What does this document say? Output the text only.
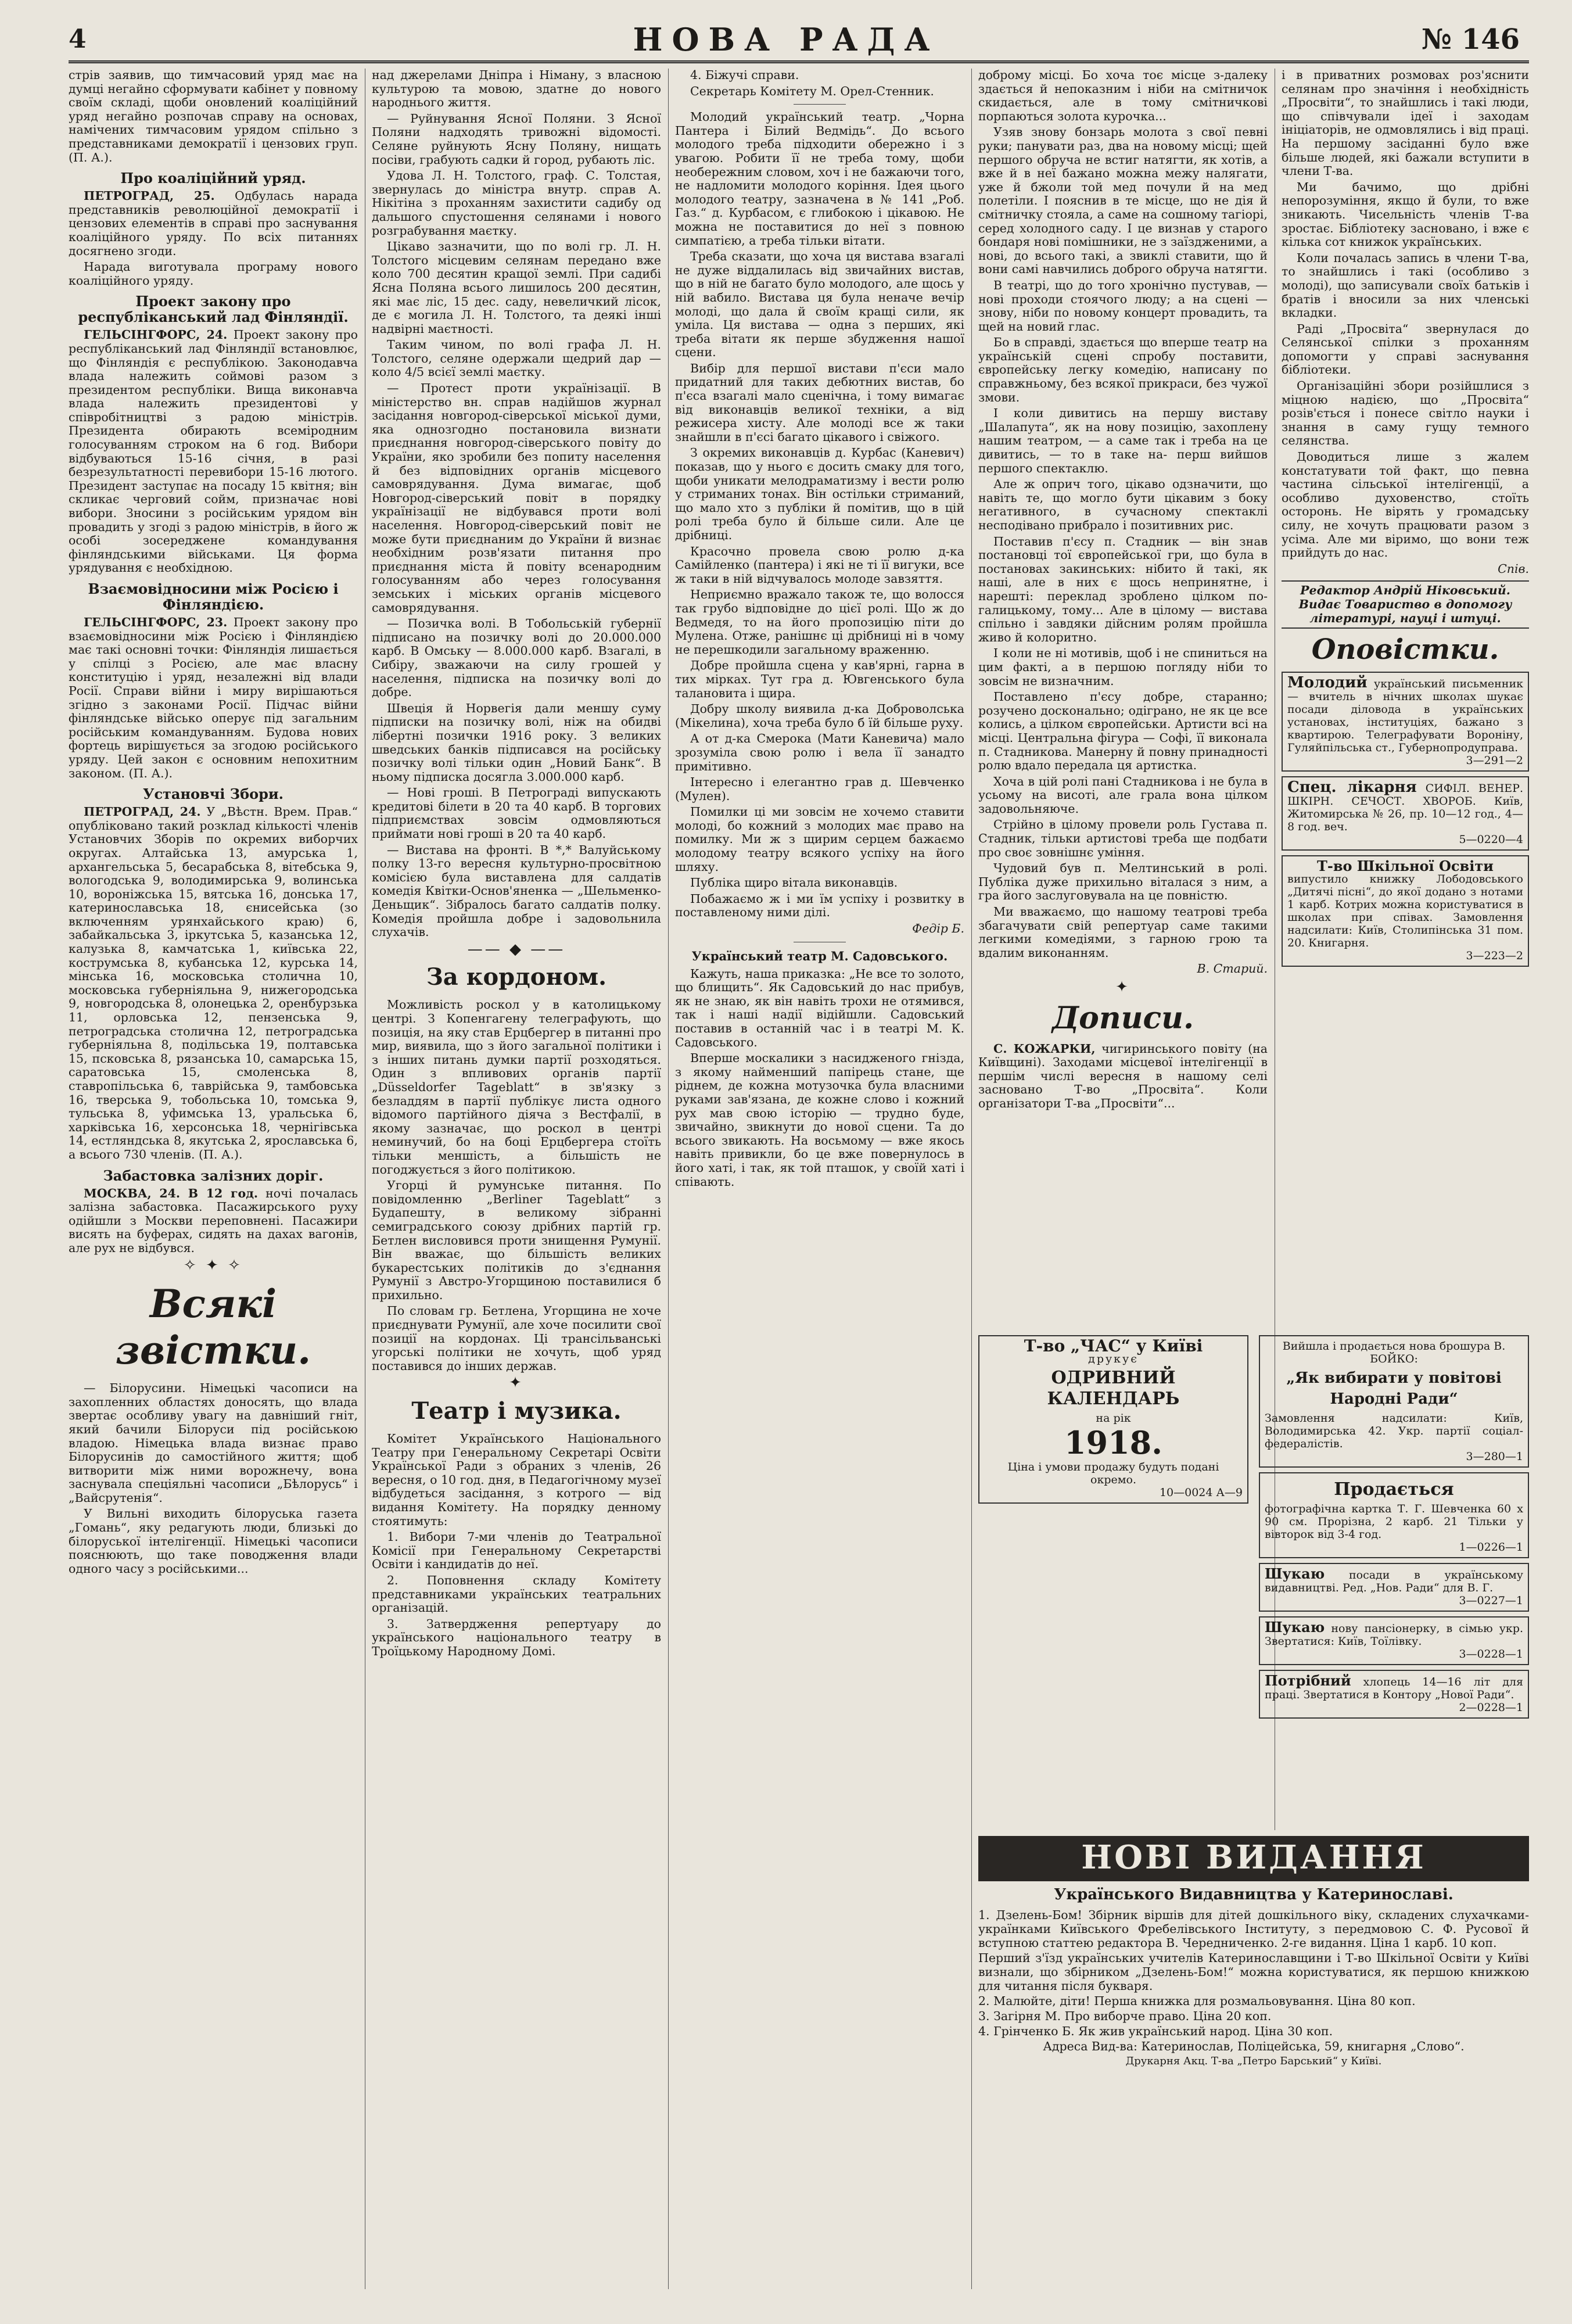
4	НОВА РАДА	№ 146

стрів заявив, що тимчасовий уряд має на думці негайно сформувати кабінет у повному своїм складі, щоби оновлений коаліційний уряд негайно розпочав справу на основах, намічених тимчасовим урядом спільно з представниками демократії і цензових груп. (П. А.).

Про коаліційний уряд.

ПЕТРОГРАД, 25. Одбулась нарада представників революційної демократії і цензових елементів в справі про заснування коаліційного уряду. По всіх питаннях досягнено згоди.

Нарада виготувала програму нового коаліційного уряду.

Проект закону про республіканський лад Фінляндії.

ГЕЛЬСІНГФОРС, 24. Проект закону про республіканський лад Фінляндії встановлює, що Фінляндія є республікою. Законодавча влада належить соймові разом з президентом республіки. Вища виконавча влада належить президентові у співробітництві з радою міністрів. Президента обирають всеміродним голосуванням строком на 6 год. Вибори відбуваються 15-16 січня, в разі безрезультатності перевибори 15-16 лютого. Президент заступає на посаду 15 квітня; він скликає черговий сойм, призначає нові вибори. Зносини з російським урядом він провадить у згоді з радою міністрів, в його ж особі зосереджене командування фінляндськими військами. Ця форма урядування є необхідною.

Взаємовідносини між Росією і Фінляндією.

ГЕЛЬСІНГФОРС, 23. Проект закону про взаємовідносини між Росією і Фінляндією має такі основні точки: Фінляндія лишається у спілці з Росією, але має власну конституцію і уряд, незалежні від влади Росії. Справи війни і миру вирішаються згідно з законами Росії. Підчас війни фінляндське військо оперує під загальним російським командуванням. Будова нових фортець вирішується за згодою російського уряду. Цей закон є основним непохитним законом. (П. А.).

Установчі Збори.

ПЕТРОГРАД, 24. У „Вѣстн. Врем. Прав.“ опубліковано такий розклад кількості членів Установчих Зборів по окремих виборчих округах. Алтайська 13, амурська 1, архангельська 5, бесарабська 8, вітебська 9, вологодська 9, володимирська 9, волинська 10, вороніжська 15, вятська 16, донська 17, катеринославська 18, єнисейська (зо включенням урянхайського краю) 6, забайкальська 3, іркутська 5, казанська 12, калузька 8, камчатська 1, київська 22, кострумська 8, кубанська 12, курська 14, мінська 16, московська столична 10, московська губерніяльна 9, нижегородська 9, новгородська 8, олонецька 2, оренбурзька 11, орловська 12, пензенська 9, петроградська столична 12, петроградська губерніяльна 8, подільська 19, полтавська 15, псковська 8, рязанська 10, самарська 15, саратовська 15, смоленська 8, ставропільська 6, таврійська 9, тамбовська 16, тверська 9, тобольська 10, томська 9, тульська 8, уфимська 13, уральська 6, харківська 16, херсонська 18, чернігівська 14, естляндська 8, якутська 2, ярославська 6, а всього 730 членів. (П. А.).

Забастовка залізних доріг.

МОСКВА, 24. В 12 год. ночі почалась залізна забастовка. Пасажирського руху одійшли з Москви переповнені. Пасажири висять на буферах, сидять на дахах вагонів, але рух не відбувся.

✧ ✦ ✧
Всякі звістки.

— Білорусини. Німецькі часописи на захопленних областях доносять, що влада звертає особливу увагу на давніший гніт, який бачили Білоруси під російською владою. Німецька влада визнає право Білорусинів до самостійного життя; щоб витворити між ними ворожнечу, вона заснувала спеціяльні часописи „Бѣлорусь“ і „Вайсрутенія“.

У Вильні виходить білоруська газета „Гомань“, яку редагують люди, близькі до білоруської інтелігенції. Німецькі часописи пояснюють, що таке поводження влади одного часу з російськими...

над джерелами Дніпра і Німану, з власною культурою та мовою, здатне до нового народнього життя.

— Руйнування Ясної Поляни. З Ясної Поляни надходять тривожні відомості. Селяне руйнують Ясну Поляну, нищать посіви, грабують садки й город, рубають ліс.

Удова Л. Н. Толстого, граф. С. Толстая, звернулась до міністра внутр. справ А. Нікітіна з проханням захистити садибу од дальшого спустошення селянами і нового розграбування маєтку.

Цікаво зазначити, що по волі гр. Л. Н. Толстого місцевим селянам передано вже коло 700 десятин кращої землі. При садибі Ясна Поляна всього лишилось 200 десятин, які має ліс, 15 дес. саду, невеличкий лісок, де є могила Л. Н. Толстого, та деякі інші надвірні маєтності.

Таким чином, по волі графа Л. Н. Толстого, селяне одержали щедрий дар — коло 4/5 всієї землі маєтку.

— Протест проти українізації. В міністерство вн. справ надійшов журнал засідання новгород-сіверської міської думи, яка однозгодно постановила визнати приєднання новгород-сіверського повіту до України, яко зробили без попиту населення й без відповідних органів місцевого самоврядування. Дума вимагає, щоб Новгород-сіверський повіт в порядку українізації не відбувався проти волі населення. Новгород-сіверський повіт не може бути приєднаним до України й визнає необхідним розв'язати питання про приєднання міста й повіту всенародним голосуванням або через голосування земських і міських органів місцевого самоврядування.

— Позичка волі. В Тобольській губернії підписано на позичку волі до 20.000.000 карб. В Омську — 8.000.000 карб. Взагалі, в Сибіру, зважаючи на силу грошей у населення, підписка на позичку волі до добре.

Швеція й Норвегія дали меншу суму підписки на позичку волі, ніж на обидві лібертні позички 1916 року. З великих шведських банків підписався на російську позичку волі тільки один „Новий Банк“. В ньому підписка досягла 3.000.000 карб.

— Нові гроші. В Петрограді випускають кредитові білети в 20 та 40 карб. В торгових підприємствах зовсім одмовляються приймати нові гроші в 20 та 40 карб.

— Вистава на фронті. В *,* Валуйському полку 13-го вересня культурно-просвітною комісією була виставлена для салдатів комедія Квітки-Основ'яненка — „Шельменко-Деньщик“. Зібралось багато салдатів полку. Комедія пройшла добре і задовольнила слухачів.

—— ◆ ——
За кордоном.

Можливість роскол у в католицькому центрі. З Копенгагену телеграфують, що позиція, на яку став Ерцбергер в питанні про мир, виявила, що з його загальної політики і з інших питань думки партії розходяться. Один з впливових органів партії „Düsseldorfer Tageblatt“ в зв'язку з безладдям в партії публікує листа одного відомого партійного діяча з Вестфалії, в якому зазначає, що роскол в центрі неминучий, бо на боці Ерцбергера стоїть тільки меншість, а більшість не погоджується з його політикою.

Угорці й румунське питання. По повідомленню „Berliner Tageblatt“ з Будапешту, в великому зібранні семиградського союзу дрібних партій гр. Бетлен висловився проти знищення Румунії. Він вважає, що більшість великих букарестських політиків до з'єднання Румунії з Австро-Угорщиною поставилися б прихильно.

По словам гр. Бетлена, Угорщина не хоче приєднувати Румунії, але хоче посилити свої позиції на кордонах. Ці трансільванські угорські політики не хочуть, щоб уряд поставився до інших держав.

✦
Театр і музика.

Комітет Українського Національного Театру при Генеральному Секретарі Освіти Української Ради з обраних з членів, 26 вересня, о 10 год. дня, в Педагогічному музеї відбудеться засідання, з котрого — від видання Комітету. На порядку денному стоятимуть:

1. Вибори 7-ми членів до Театральної Комісії при Генеральному Секретарстві Освіти і кандидатів до неї.

2. Поповнення складу Комітету представниками українських театральних організацій.

3. Затвердження репертуару до українського національного театру в Троїцькому Народному Домі.

4. Біжучі справи.

Секретарь Комітету М. Орел-Стенник.

Молодий український театр. „Чорна Пантера і Білий Ведмідь“. До всього молодого треба підходити обережно і з увагою. Робити її не треба тому, щоби необережним словом, хоч і не бажаючи того, не надломити молодого коріння. Ідея цього молодого театру, зазначена в № 141 „Роб. Газ.“ д. Курбасом, є глибокою і цікавою. Не можна не поставитися до неї з повною симпатією, а треба тільки вітати.

Треба сказати, що хоча ця вистава взагалі не дуже віддалилась від звичайних вистав, що в ній не багато було молодого, але щось у ній вабило. Вистава ця була неначе вечір молоді, що дала й своїм кращі сили, як уміла. Ця вистава — одна з перших, які треба вітати як перше збудження нашої сцени.

Вибір для першої вистави п'єси мало придатний для таких дебютних вистав, бо п'єса взагалі мало сценічна, і тому вимагає від виконавців великої техніки, а від режисера хисту. Але молоді все ж таки знайшли в п'єсі багато цікавого і свіжого.

З окремих виконавців д. Курбас (Каневич) показав, що у нього є досить смаку для того, щоби уникати мелодраматизму і вести ролю у стриманих тонах. Він остільки стриманий, що мало хто з публіки й помітив, що в цій ролі треба було й більше сили. Але це дрібниці.

Красочно провела свою ролю д-ка Самійленко (пантера) і які не ті її вигуки, все ж таки в ній відчувалось молоде завзяття.

Неприємно вражало також те, що волосся так грубо відповідне до цієї ролі. Що ж до Ведмедя, то на його пропозицію піти до Мулена. Отже, ранішнє ці дрібниці ні в чому не перешкодили загальному враженню.

Добре пройшла сцена у кав'ярні, гарна в тих мірках. Тут гра д. Ювгенського була талановита і щира.

Добру школу виявила д-ка Доброволська (Мікелина), хоча треба було б їй більше руху.

А от д-ка Смерока (Мати Каневича) мало зрозуміла свою ролю і вела її занадто примітивно.

Інтересно і елегантно грав д. Шевченко (Мулен).

Помилки ці ми зовсім не хочемо ставити молоді, бо кожний з молодих має право на помилку. Ми ж з щирим серцем бажаємо молодому театру всякого успіху на його шляху.

Публіка щиро вітала виконавців.

Побажаємо ж і ми їм успіху і розвитку в поставленому ними ділі.

Федір Б.
Український театр М. Садовського.

Кажуть, наша приказка: „Не все то золото, що блищить“. Як Садовський до нас прибув, як не знаю, як він навіть трохи не отямився, так і наші надії відійшли. Садовський поставив в останній час і в театрі М. К. Садовського.

Вперше москалики з насидженого гнізда, з якому найменший папірець стане, ще ріднем, де кожна мотузочка була власними руками зав'язана, де кожне слово і кожний рух мав свою історію — трудно буде, звичайно, звикнути до нової сцени. Та до всього звикають. На восьмому — вже якось навіть привикли, бо це вже повернулось в його хаті, і так, як той пташок, у своїй хаті і співають.

доброму місці. Бо хоча тоє місце з-далеку здається й непоказним і ніби на смітничок скидається, але в тому смітничкові порпаються золота курочка...

Узяв знову бонзарь молота з свої певні руки; панувати раз, два на новому місці; щей першого обруча не встиг натягти, як хотів, а вже й в неї бажано можна межу налягати, уже й бжоли той мед почули й на мед полетіли. І пояснив в те місце, що не дія й смітничку стояла, а саме на сошному тагіорі, серед холодного саду. І це визнав у старого бондаря нові помішники, не з заїздженими, а нові, до всього такі, а звиклі ставити, що й вони самі навчились доброго обруча натягти.

В театрі, що до того хронічно пустував, — нові проходи стоячого люду; а на сцені — знову, ніби по новому концерт провадить, та щей на новий глас.

Бо в справді, здається що вперше театр на українській сцені спробу поставити, європейську легку комедію, написану по справжньому, без всякої прикраси, без чужої змови.

І коли дивитись на першу виставу „Шалапута“, як на нову позицію, захоплену нашим театром, — а саме так і треба на це дивитись, — то в таке на- перш вийшов першого спектаклю.

Але ж оприч того, цікаво одзначити, що навіть те, що могло бути цікавим з боку негативного, в сучасному спектаклі несподівано прибрало і позитивних рис.

Поставив п'єсу п. Стадник — він знав постановці тої європейської гри, що була в постановах закинських: нібито й такі, як наші, але в них є щось непринятне, і нарешті: переклад зроблено цілком по-галицькому, тому... Але в цілому — вистава спільно і завдяки дійсним ролям пройшла живо й колоритно.

І коли не ні мотивів, щоб і не спиниться на цим факті, а в першою погляду ніби то зовсім не визначним.

Поставлено п'єсу добре, старанно; розучено досконально; одіграно, не як це все колись, а цілком європейськи. Артисти всі на місці. Центральна фігура — Софі, її виконала п. Стадникова. Манерну й повну принадності ролю вдало передала ця артистка.

Хоча в цій ролі пані Стадникова і не була в усьому на висоті, але грала вона цілком задовольняюче.

Стрійно в цілому провели роль Густава п. Стадник, тільки артистові треба ще подбати про своє зовнішнє уміння.

Чудовий був п. Мелтинський в ролі. Публіка дуже прихильно віталася з ним, а гра його заслуговувала на це повністю.

Ми вважаємо, що нашому театрові треба збагачувати свій репертуар саме такими легкими комедіями, з гарною грою та вдалим виконанням.

В. Старий.
✦
Дописи.

С. КОЖАРКИ, чигиринського повіту (на Київщині). Заходами місцевої інтелігенції в першім числі вересня в нашому селі засновано Т-во „Просвіта“. Коли організатори Т-ва „Просвіти“...

і в приватних розмовах роз'яснити селянам про значіння і необхідність „Просвіти“, то знайшлись і такі люди, що співчували ідеї і заходам ініціаторів, не одмовлялись і від праці. На першому засіданні було вже більше людей, які бажали вступити в члени Т-ва.

Ми бачимо, що дрібні непорозуміння, якщо й були, то вже зникають. Чисельність членів Т-ва зростає. Бібліотеку засновано, і вже є кілька сот книжок українських.

Коли почалась запись в члени Т-ва, то знайшлись і такі (особливо з молоді), що записували своїх батьків і братів і вносили за них членські вкладки.

Раді „Просвіта“ звернулася до Селянської спілки з проханням допомогти у справі заснування бібліотеки.

Організаційні збори розійшлися з міцною надією, що „Просвіта“ розів'ється і понесе світло науки і знання в саму гущу темного селянства.

Доводиться лише з жалем констатувати той факт, що певна частина сільської інтелігенції, а особливо духовенство, стоїть осторонь. Не вірять у громадську силу, не хочуть працювати разом з усіма. Але ми віримо, що вони теж прийдуть до нас.

Спів.
Редактор Андрій Ніковський.
Видає Товариство в допомогу літературі, науці і штуці.
Оповістки.
Молодий український письменник — вчитель в нічних школах шукає посади діловода в українських установах, інституціях, бажано з квартирою. Телеграфувати Вороніну, Гуляйпільська ст., Губернопродуправа.
3—291—2
Спец. лікарня СИФІЛ. ВЕНЕР. ШКІРН. СЕЧОСТ. ХВОРОБ. Київ, Житомирська № 26, пр. 10—12 год., 4—8 год. веч.
5—0220—4
Т-во Шкільної Освіти
випустило книжку Лободовського „Дитячі пісні“, до якої додано з нотами 1 карб. Котрих можна користуватися в школах при співах. Замовлення надсилати: Київ, Столипінська 31 пом. 20. Книгарня.
3—223—2
Т-во „ЧАС“ у Київі
друкує
ОДРИВНИЙ КАЛЕНДАРЬ
на рік
1918.
Ціна і умови продажу будуть подані окремо.
10—0024 А—9
Вийшла і продається нова брошура В. БОЙКО:
„Як вибирати у повітові Народні Ради“
Замовлення надсилати: Київ, Володимирська 42. Укр. партії соціал-федералістів.
3—280—1
Продається
фотографічна картка Т. Г. Шевченка 60 х 90 см. Прорізна, 2 карб. 21 Тільки у вівторок від 3-4 год.
1—0226—1
Шукаю посади в українському видавництві. Ред. „Нов. Ради“ для В. Г.
3—0227—1
Шукаю нову пансіонерку, в сімью укр. Звертатися: Київ, Тоїлівку.
3—0228—1
Потрібний хлопець 14—16 літ для праці. Звертатися в Контору „Нової Ради“.
2—0228—1
НОВІ ВИДАННЯ
Українського Видавництва у Катеринославі.

1. Дзелень-Бом! Збірник віршів для дітей дошкільного віку, складених слухачками-українками Київського Фребелівського Інституту, з передмовою С. Ф. Русової й вступною статтею редактора В. Чередниченко. 2-ге видання. Ціна 1 карб. 10 коп.

Перший з'їзд українських учителів Катеринославщини і Т-во Шкільної Освіти у Київі визнали, що збірником „Дзелень-Бом!“ можна користуватися, як першою книжкою для читання після букваря.

2. Малюйте, діти! Перша книжка для розмальовування. Ціна 80 коп.

3. Загірня М. Про виборче право. Ціна 20 коп.

4. Грінченко Б. Як жив український народ. Ціна 30 коп.

Адреса Вид-ва: Катеринослав, Поліцейська, 59, книгарня „Слово“.

Друкарня Акц. Т-ва „Петро Барський“ у Київі.
